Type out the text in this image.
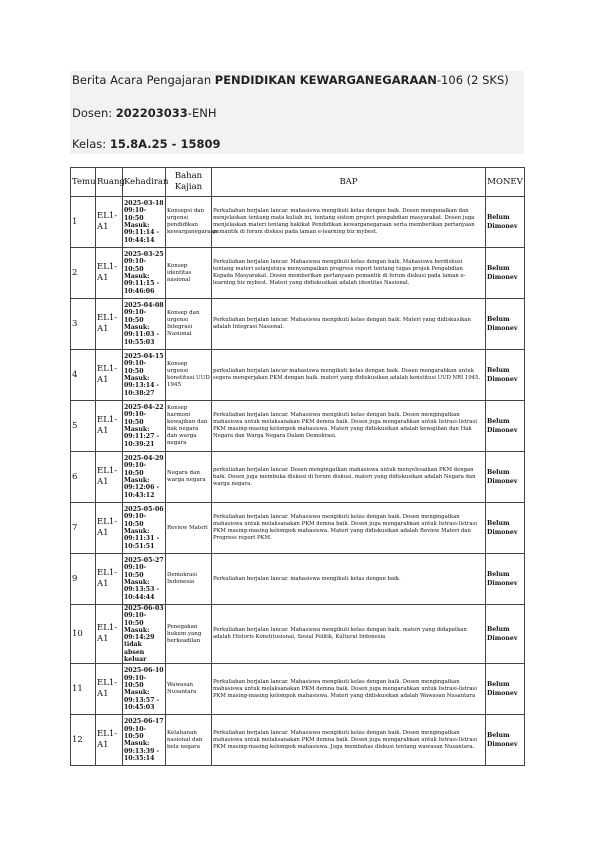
Berita Acara Pengajaran PENDIDIKAN KEWARGANEGARAAN-106 (2 SKS)
Dosen: 202203033-ENH
Kelas: 15.8A.25 - 15809
Temu	Ruang	Kehadiran	Bahan Kajian	BAP	MONEV
1	EL1-A1	2025-03-18 09:10-10:50 Masuk: 09:11:14 - 10:44:14	Konsepsi dan urgensi pendidikan kewarganegaraan	Perkuliahan berjalan lancar. mahasiswa mengikuti kelas dengan baik. Dosen mengenalkan dan menjelaskan tentang mata kuliah ini, tentang sistem project pengabdian masyarakat. Dosen juga menjelaskan materi tentang hakikat Pendidikan kewarganegaraan serta memberikan pertanyaan pemantik di forum diskusi pada laman e-learning biz mybest.	Belum Dimonev
2	EL1-A1	2025-03-25 09:10-10:50 Masuk: 09:11:15 - 10:46:06	Konsep identitas nasional	Perkuliahan berjalan lancar. Mahasiswa mengikuti kelas dengan baik. Mahasiswa berdiskusi tentang materi selanjutnya menyampaikan progress report tentang tugas projek Pengabdian Kepada Masyarakat. Dosen memberikan pertanyaan pemantik di forum diskusi pada laman e-learning biz mybest. Materi yang didiskusikan adalah identitas Nasional.	Belum Dimonev
3	EL1-A1	2025-04-08 09:10-10:50 Masuk: 09:11:03 - 10:55:03	Konsep dan urgensi Integrasi Nasional	Perkuliahan berjalan lancar. Mahasiswa mengikuti kelas dengan baik. Materi yang didiskusikan adalah Integrasi Nasional.	Belum Dimonev
4	EL1-A1	2025-04-15 09:10-10:50 Masuk: 09:13:14 - 10:38:27	Konsep urgensi konstitusi UUD 1945	perkuliahan berjalan lancar mahasiswa mengikuti kelas dengan baik. Dosen mengarahkan untuk segera mengerjakan PKM dengan baik. materi yang didiskusikan adalah konstitusi UUD NRI 1945.	Belum Dimonev
5	EL1-A1	2025-04-22 09:10-10:50 Masuk: 09:11:27 - 10:39:21	Konsep harmoni kewajiban dan hak negara dan warga negara	Perkuliahan berjalan lancar. Mahasiswa mengikuti kelas dengan baik. Dosen mengingatkan mahasiswa untuk melaksanakan PKM demna baik. Dosen juga mengarahkan untuk listrasi-listrasi PKM masing-masing kelompok mahasiswa. Materi yang didiskusikan adalah kewajiban dan Hak Negara dan Warga Negara Dalam Demokrasi.	Belum Dimonev
6	EL1-A1	2025-04-29 09:10-10:50 Masuk: 09:12:06 - 10:43:12	Negara dan warga negara	perkuliahan berjalan lancar. Dosen mengingatkan mahasiswa untuk menyelesaikan PKM dengan baik. Dosen juga membuka diskusi di forum diskusi. materi yang didiskusikan adalah Negara dan warga negara.	Belum Dimonev
7	EL1-A1	2025-05-06 09:10-10:50 Masuk: 09:11:31 - 10:51:51	Review Materi	Perkuliahan berjalan lancar. Mahasiswa mengikuti kelas dengan baik. Dosen mengingatkan mahasiswa untuk melaksanakan PKM demna baik. Dosen juga mengarahkan untuk listrasi-listrasi PKM masing-masing kelompok mahasiswa. Materi yang didiskusikan adalah Review Materi dan Progress report PKM.	Belum Dimonev
9	EL1-A1	2025-05-27 09:10-10:50 Masuk: 09:13:53 - 10:44:44	Demokrasi Indonesia	Perkuliahan berjalan lancar. mahasiswa mengikuti kelas dengan baik.	Belum Dimonev
10	EL1-A1	2025-06-03 09:10-10:50 Masuk: 09:14:29 tidak absen keluar	Penegakan hukum yang berkeadilan	Perkuliahan berjalan lancar. Mahasiswa mengikuti kelas dengan baik. materi yang didapatkan adalah Historis Konstitusional, Sosial Politik, Kultural Indonesia	Belum Dimonev
11	EL1-A1	2025-06-10 09:10-10:50 Masuk: 09:13:57 - 10:45:03	Wawasan Nusantara	Perkuliahan berjalan lancar. Mahasiswa mengikuti kelas dengan baik. Dosen mengingatkan mahasiswa untuk melaksanakan PKM demna baik. Dosen juga mengarahkan untuk listrasi-listrasi PKM masing-masing kelompok mahasiswa. Materi yang didiskusikan adalah Wawasan Nusantara	Belum Dimonev
12	EL1-A1	2025-06-17 09:10-10:50 Masuk: 09:13:39 - 10:35:14	Ketahanan nasional dan bela negara	Perkuliahan berjalan lancar. Mahasiswa mengikuti kelas dengan baik. Dosen mengingatkan mahasiswa untuk melaksanakan PKM demna baik. Dosen juga mengarahkan untuk listrasi-listrasi PKM masing-masing kelompok mahasiswa. Juga membahas diskusi tentang wawasan Nusantara.	Belum Dimonev
